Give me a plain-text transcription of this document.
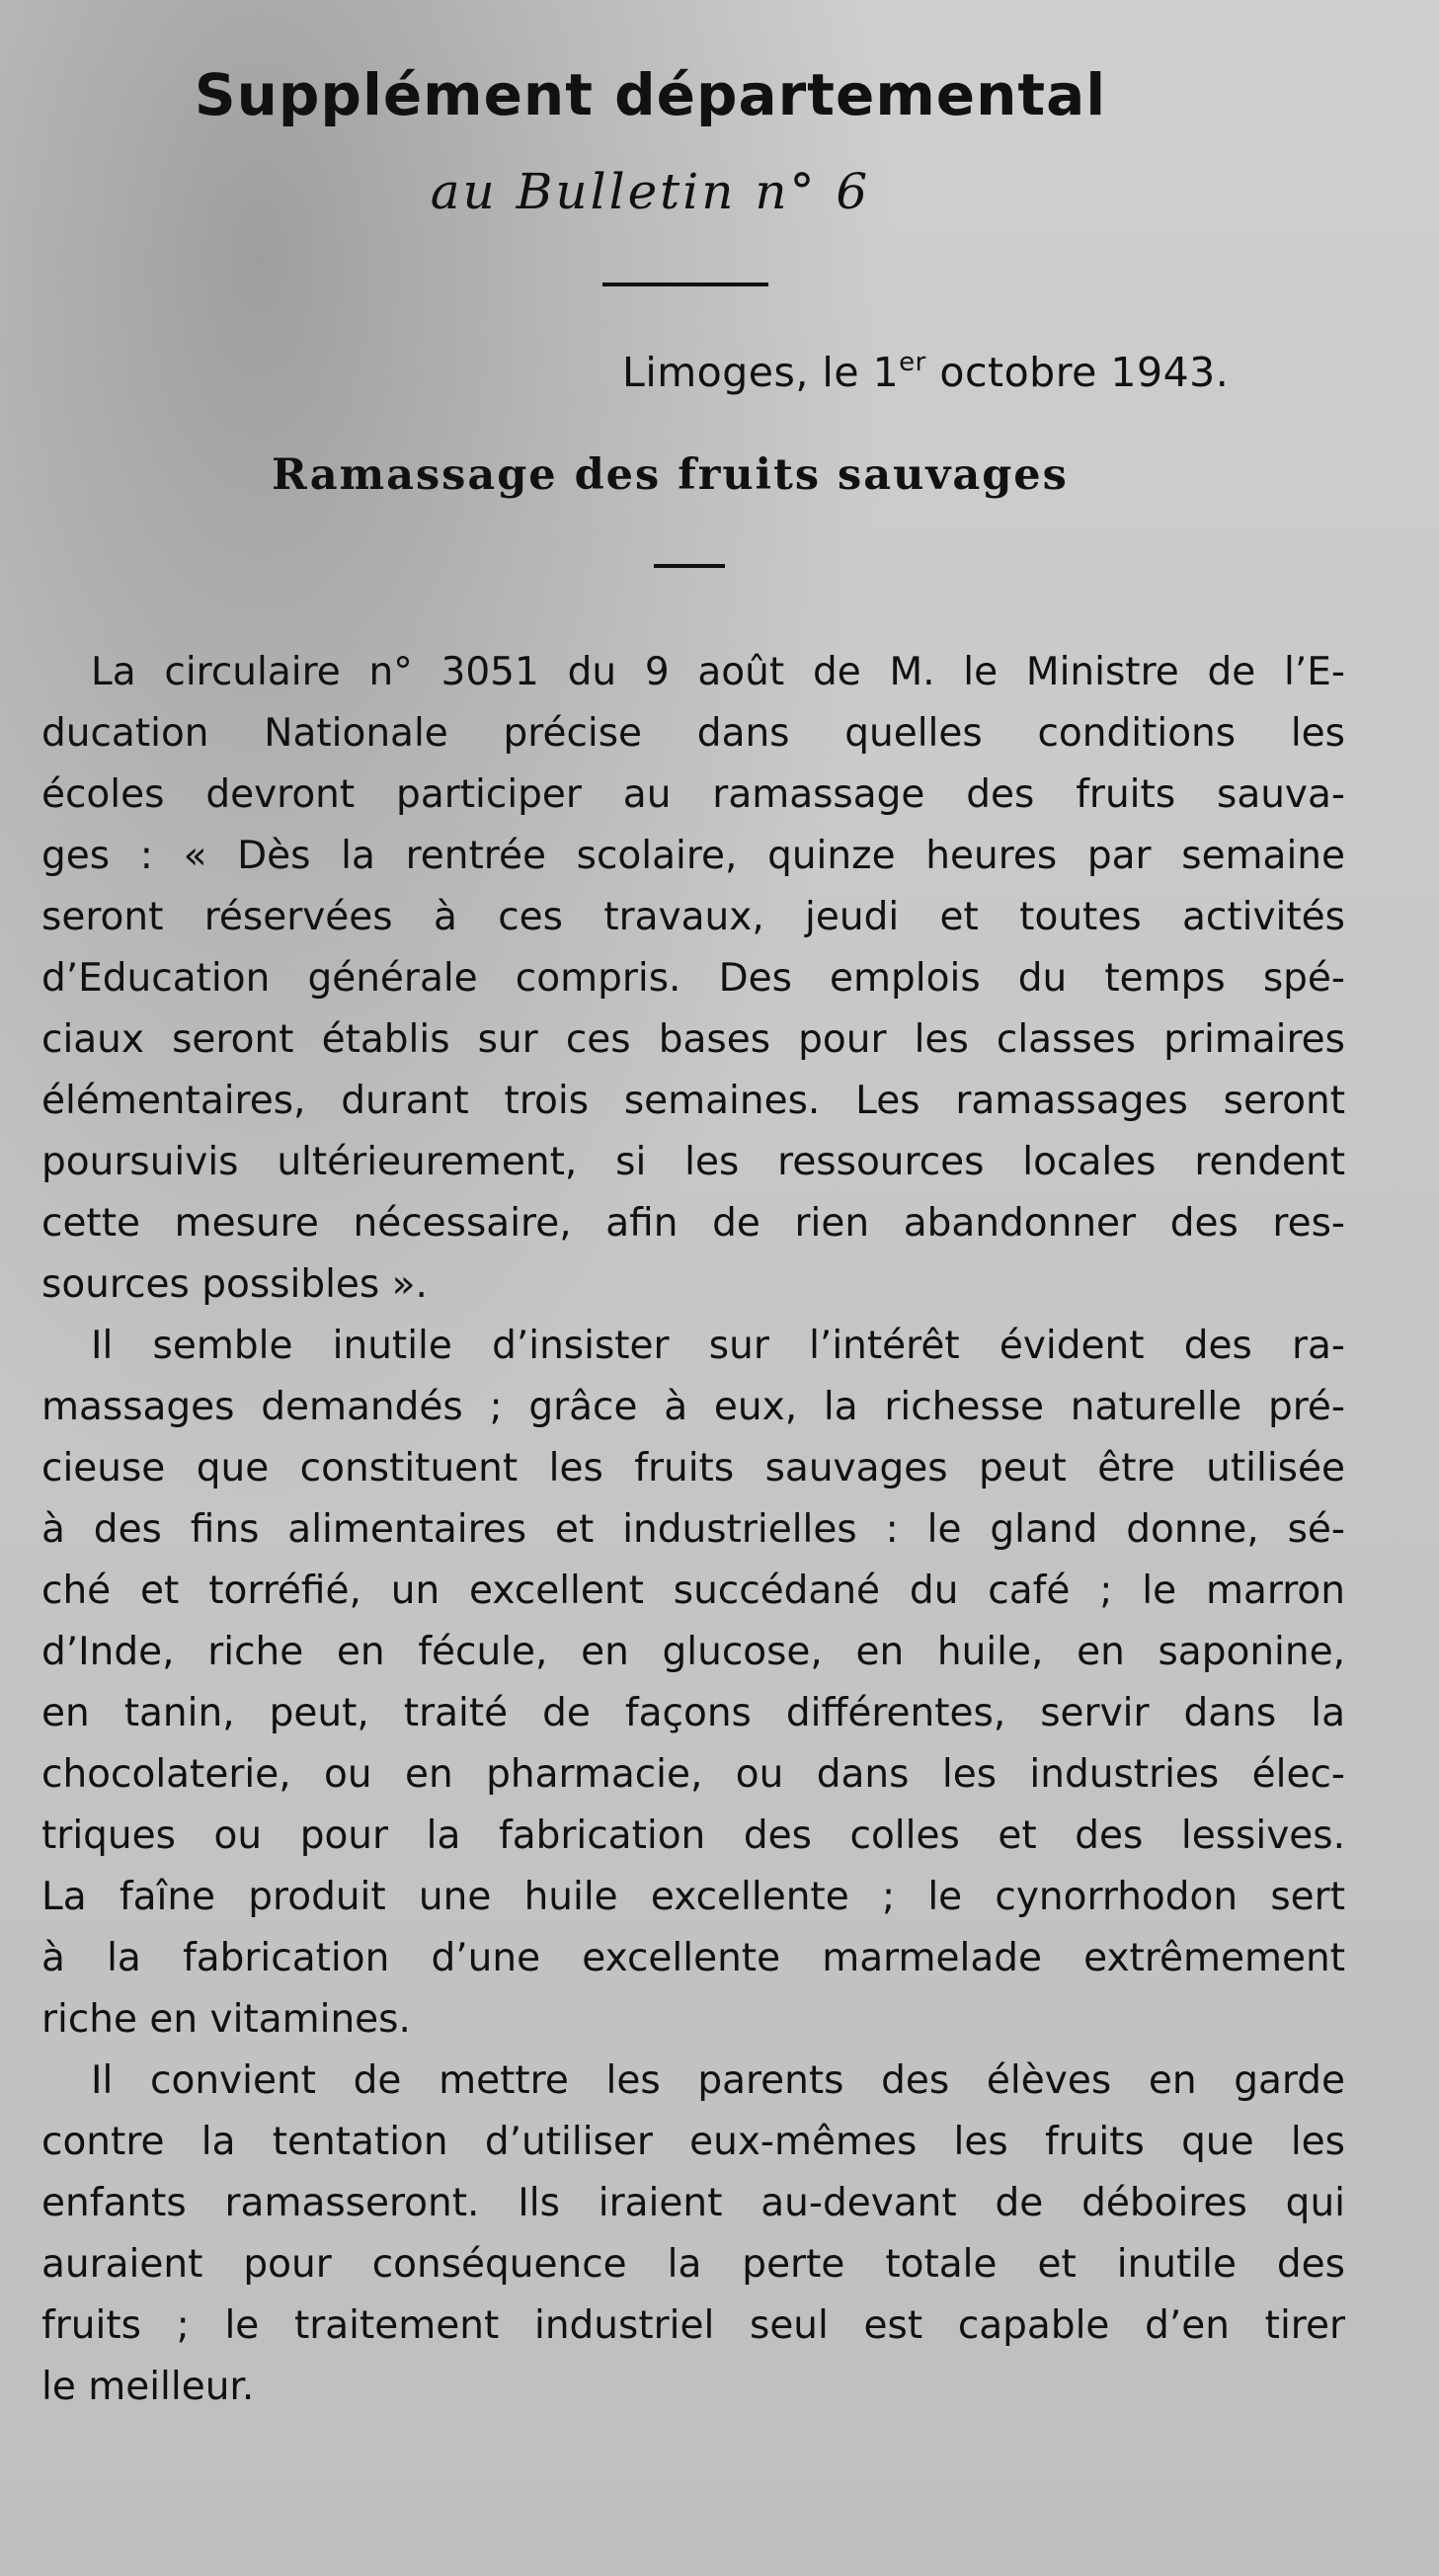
Supplément départemental
au Bulletin n° 6
Limoges, le 1er octobre 1943.
Ramassage des fruits sauvages
La circulaire n° 3051 du 9 août de M. le Ministre de l’E-
ducation Nationale précise dans quelles conditions les
écoles devront participer au ramassage des fruits sauva-
ges : « Dès la rentrée scolaire, quinze heures par semaine
seront réservées à ces travaux, jeudi et toutes activités
d’Education générale compris. Des emplois du temps spé-
ciaux seront établis sur ces bases pour les classes primaires
élémentaires, durant trois semaines. Les ramassages seront
poursuivis ultérieurement, si les ressources locales rendent
cette mesure nécessaire, afin de rien abandonner des res-
sources possibles ».
Il semble inutile d’insister sur l’intérêt évident des ra-
massages demandés ; grâce à eux, la richesse naturelle pré-
cieuse que constituent les fruits sauvages peut être utilisée
à des fins alimentaires et industrielles : le gland donne, sé-
ché et torréfié, un excellent succédané du café ; le marron
d’Inde, riche en fécule, en glucose, en huile, en saponine,
en tanin, peut, traité de façons différentes, servir dans la
chocolaterie, ou en pharmacie, ou dans les industries élec-
triques ou pour la fabrication des colles et des lessives.
La faîne produit une huile excellente ; le cynorrhodon sert
à la fabrication d’une excellente marmelade extrêmement
riche en vitamines.
Il convient de mettre les parents des élèves en garde
contre la tentation d’utiliser eux-mêmes les fruits que les
enfants ramasseront. Ils iraient au-devant de déboires qui
auraient pour conséquence la perte totale et inutile des
fruits ; le traitement industriel seul est capable d’en tirer
le meilleur.
